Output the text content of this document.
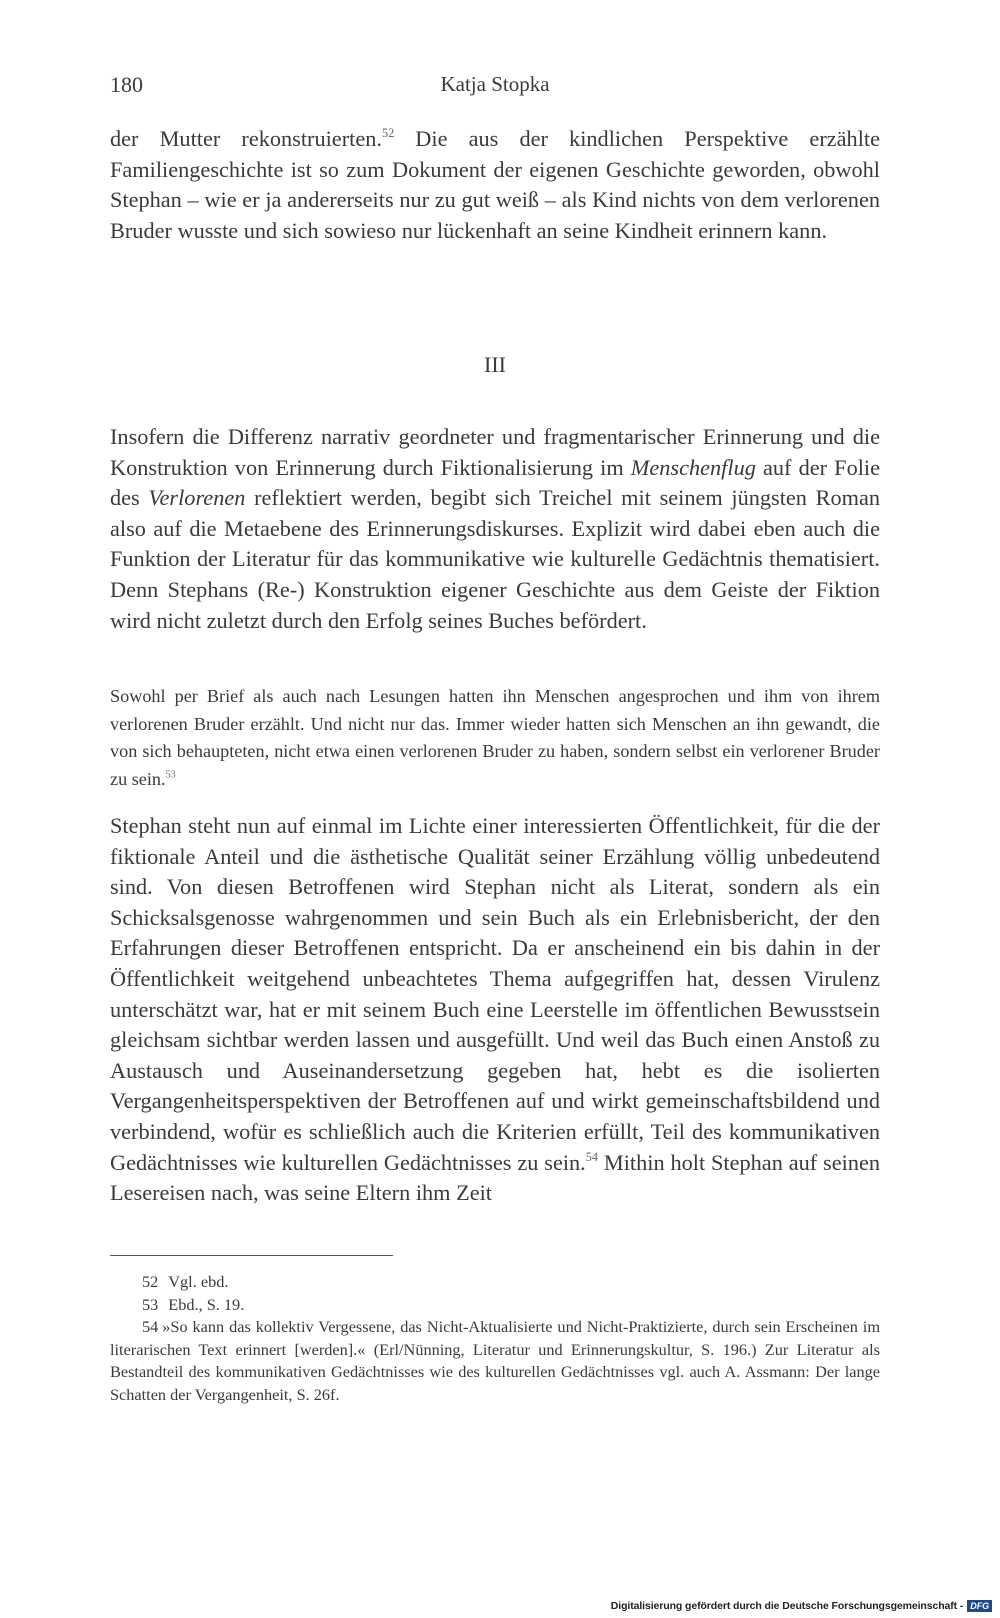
180	Katja Stopka

der Mutter rekonstruierten.$^{52}$ Die aus der kindlichen Perspektive erzählte Familiengeschichte ist so zum Dokument der eigenen Geschichte geworden, obwohl Stephan – wie er ja andererseits nur zu gut weiß – als Kind nichts von dem verlorenen Bruder wusste und sich sowieso nur lückenhaft an seine Kindheit erinnern kann.

III

Insofern die Differenz narrativ geordneter und fragmentarischer Erinnerung und die Konstruktion von Erinnerung durch Fiktionalisierung im Menschenflug auf der Folie des Verlorenen reflektiert werden, begibt sich Treichel mit seinem jüngsten Roman also auf die Metaebene des Erinnerungsdiskurses. Explizit wird dabei eben auch die Funktion der Literatur für das kommunikative wie kulturelle Gedächtnis thematisiert. Denn Stephans (Re-) Konstruktion eigener Geschichte aus dem Geiste der Fiktion wird nicht zuletzt durch den Erfolg seines Buches befördert.

Sowohl per Brief als auch nach Lesungen hatten ihn Menschen angesprochen und ihm von ihrem verlorenen Bruder erzählt. Und nicht nur das. Immer wieder hatten sich Menschen an ihn gewandt, die von sich behaupteten, nicht etwa einen verlorenen Bruder zu haben, sondern selbst ein verlorener Bruder zu sein.$^{53}$

Stephan steht nun auf einmal im Lichte einer interessierten Öffentlichkeit, für die der fiktionale Anteil und die ästhetische Qualität seiner Erzählung völlig unbedeutend sind. Von diesen Betroffenen wird Stephan nicht als Literat, sondern als ein Schicksalsgenosse wahrgenommen und sein Buch als ein Erlebnisbericht, der den Erfahrungen dieser Betroffenen entspricht. Da er anscheinend ein bis dahin in der Öffentlichkeit weitgehend unbeachtetes Thema aufgegriffen hat, dessen Virulenz unterschätzt war, hat er mit seinem Buch eine Leerstelle im öffentlichen Bewusstsein gleichsam sichtbar werden lassen und ausgefüllt. Und weil das Buch einen Anstoß zu Austausch und Auseinandersetzung gegeben hat, hebt es die isolierten Vergangenheitsperspektiven der Betroffenen auf und wirkt gemeinschaftsbildend und verbindend, wofür es schließlich auch die Kriterien erfüllt, Teil des kommunikativen Gedächtnisses wie kulturellen Gedächtnisses zu sein.$^{54}$ Mithin holt Stephan auf seinen Lesereisen nach, was seine Eltern ihm Zeit

52 Vgl. ebd.

53 Ebd., S. 19.

54 »So kann das kollektiv Vergessene, das Nicht-Aktualisierte und Nicht-Praktizierte, durch sein Erscheinen im literarischen Text erinnert [werden].« (Erl/Nünning, Literatur und Erinnerungskultur, S. 196.) Zur Literatur als Bestandteil des kommunikativen Gedächtnisses wie des kulturellen Gedächtnisses vgl. auch A. Assmann: Der lange Schatten der Vergangenheit, S. 26f.

Digitalisierung gefördert durch die Deutsche Forschungsgemeinschaft - DFG
